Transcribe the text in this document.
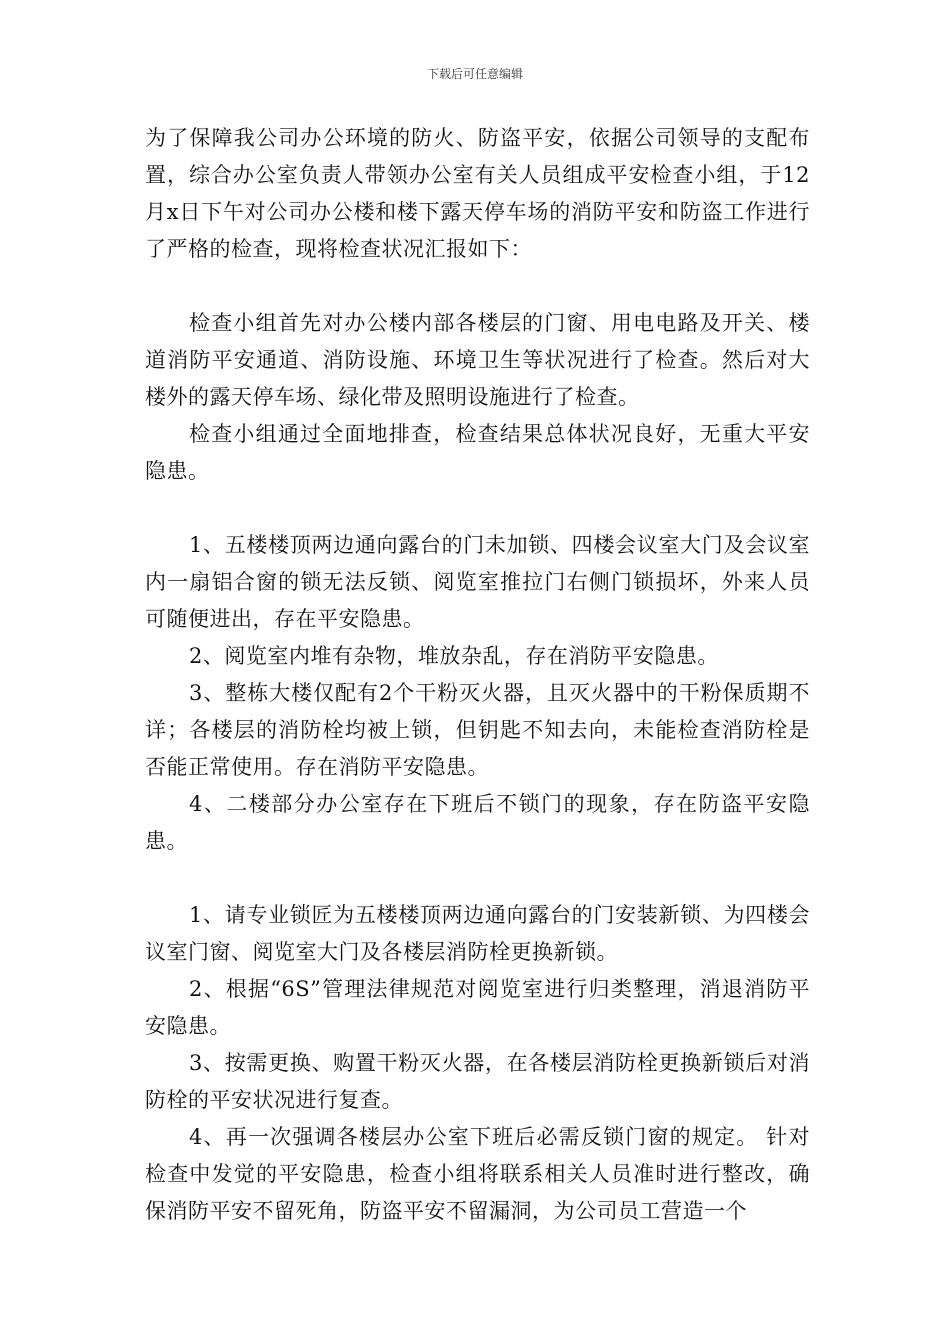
下载后可任意编辑

为了保障我公司办公环境的防火、防盗平安，依据公司领导的支配布置，综合办公室负责人带领办公室有关人员组成平安检查小组，于12月x日下午对公司办公楼和楼下露天停车场的消防平安和防盗工作进行了严格的检查，现将检查状况汇报如下：

检查小组首先对办公楼内部各楼层的门窗、用电电路及开关、楼道消防平安通道、消防设施、环境卫生等状况进行了检查。然后对大楼外的露天停车场、绿化带及照明设施进行了检查。

检查小组通过全面地排查，检查结果总体状况良好，无重大平安隐患。

1、五楼楼顶两边通向露台的门未加锁、四楼会议室大门及会议室内一扇铝合窗的锁无法反锁、阅览室推拉门右侧门锁损坏，外来人员可随便进出，存在平安隐患。

2、阅览室内堆有杂物，堆放杂乱，存在消防平安隐患。

3、整栋大楼仅配有2个干粉灭火器，且灭火器中的干粉保质期不详；各楼层的消防栓均被上锁，但钥匙不知去向，未能检查消防栓是否能正常使用。存在消防平安隐患。

4、二楼部分办公室存在下班后不锁门的现象，存在防盗平安隐患。

1、请专业锁匠为五楼楼顶两边通向露台的门安装新锁、为四楼会议室门窗、阅览室大门及各楼层消防栓更换新锁。

2、根据“6S”管理法律规范对阅览室进行归类整理，消退消防平安隐患。

3、按需更换、购置干粉灭火器，在各楼层消防栓更换新锁后对消防栓的平安状况进行复查。

4、再一次强调各楼层办公室下班后必需反锁门窗的规定。 针对检查中发觉的平安隐患，检查小组将联系相关人员准时进行整改，确保消防平安不留死角，防盗平安不留漏洞，为公司员工营造一个
